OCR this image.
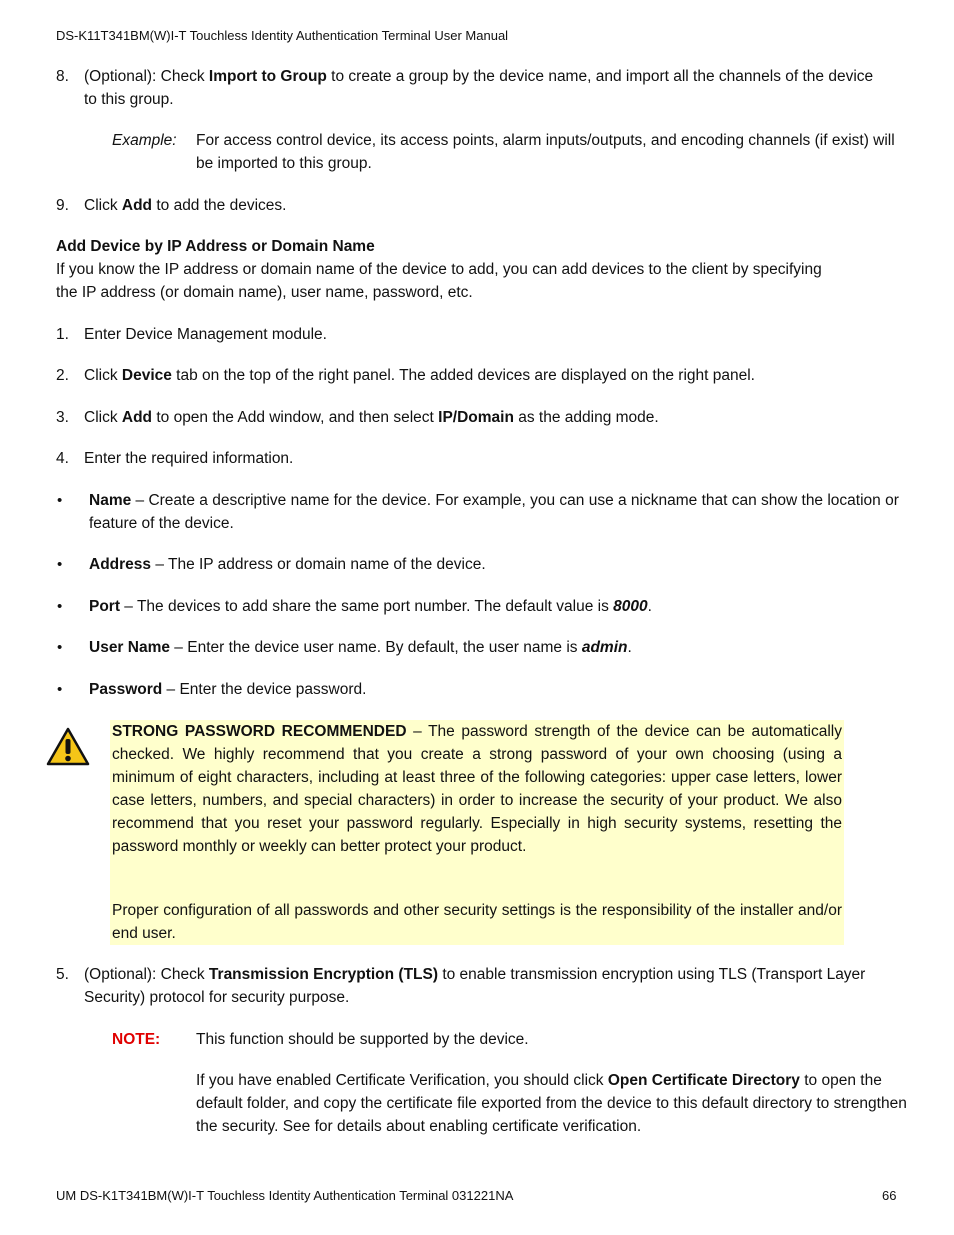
DS-K11T341BM(W)I-T Touchless Identity Authentication Terminal User Manual
8. (Optional): Check Import to Group to create a group by the device name, and import all the channels of the device to this group.
Example: For access control device, its access points, alarm inputs/outputs, and encoding channels (if exist) will be imported to this group.
9. Click Add to add the devices.
Add Device by IP Address or Domain Name
If you know the IP address or domain name of the device to add, you can add devices to the client by specifying the IP address (or domain name), user name, password, etc.
1. Enter Device Management module.
2. Click Device tab on the top of the right panel. The added devices are displayed on the right panel.
3. Click Add to open the Add window, and then select IP/Domain as the adding mode.
4. Enter the required information.
• Name – Create a descriptive name for the device. For example, you can use a nickname that can show the location or feature of the device.
• Address – The IP address or domain name of the device.
• Port – The devices to add share the same port number. The default value is 8000.
• User Name – Enter the device user name. By default, the user name is admin.
• Password – Enter the device password.
STRONG PASSWORD RECOMMENDED – The password strength of the device can be automatically checked. We highly recommend that you create a strong password of your own choosing (using a minimum of eight characters, including at least three of the following categories: upper case letters, lower case letters, numbers, and special characters) in order to increase the security of your product. We also recommend that you reset your password regularly. Especially in high security systems, resetting the password monthly or weekly can better protect your product.
Proper configuration of all passwords and other security settings is the responsibility of the installer and/or end user.
5. (Optional): Check Transmission Encryption (TLS) to enable transmission encryption using TLS (Transport Layer Security) protocol for security purpose.
NOTE: This function should be supported by the device.
If you have enabled Certificate Verification, you should click Open Certificate Directory to open the default folder, and copy the certificate file exported from the device to this default directory to strengthen the security. See for details about enabling certificate verification.
UM DS-K1T341BM(W)I-T Touchless Identity Authentication Terminal 031221NA	66
